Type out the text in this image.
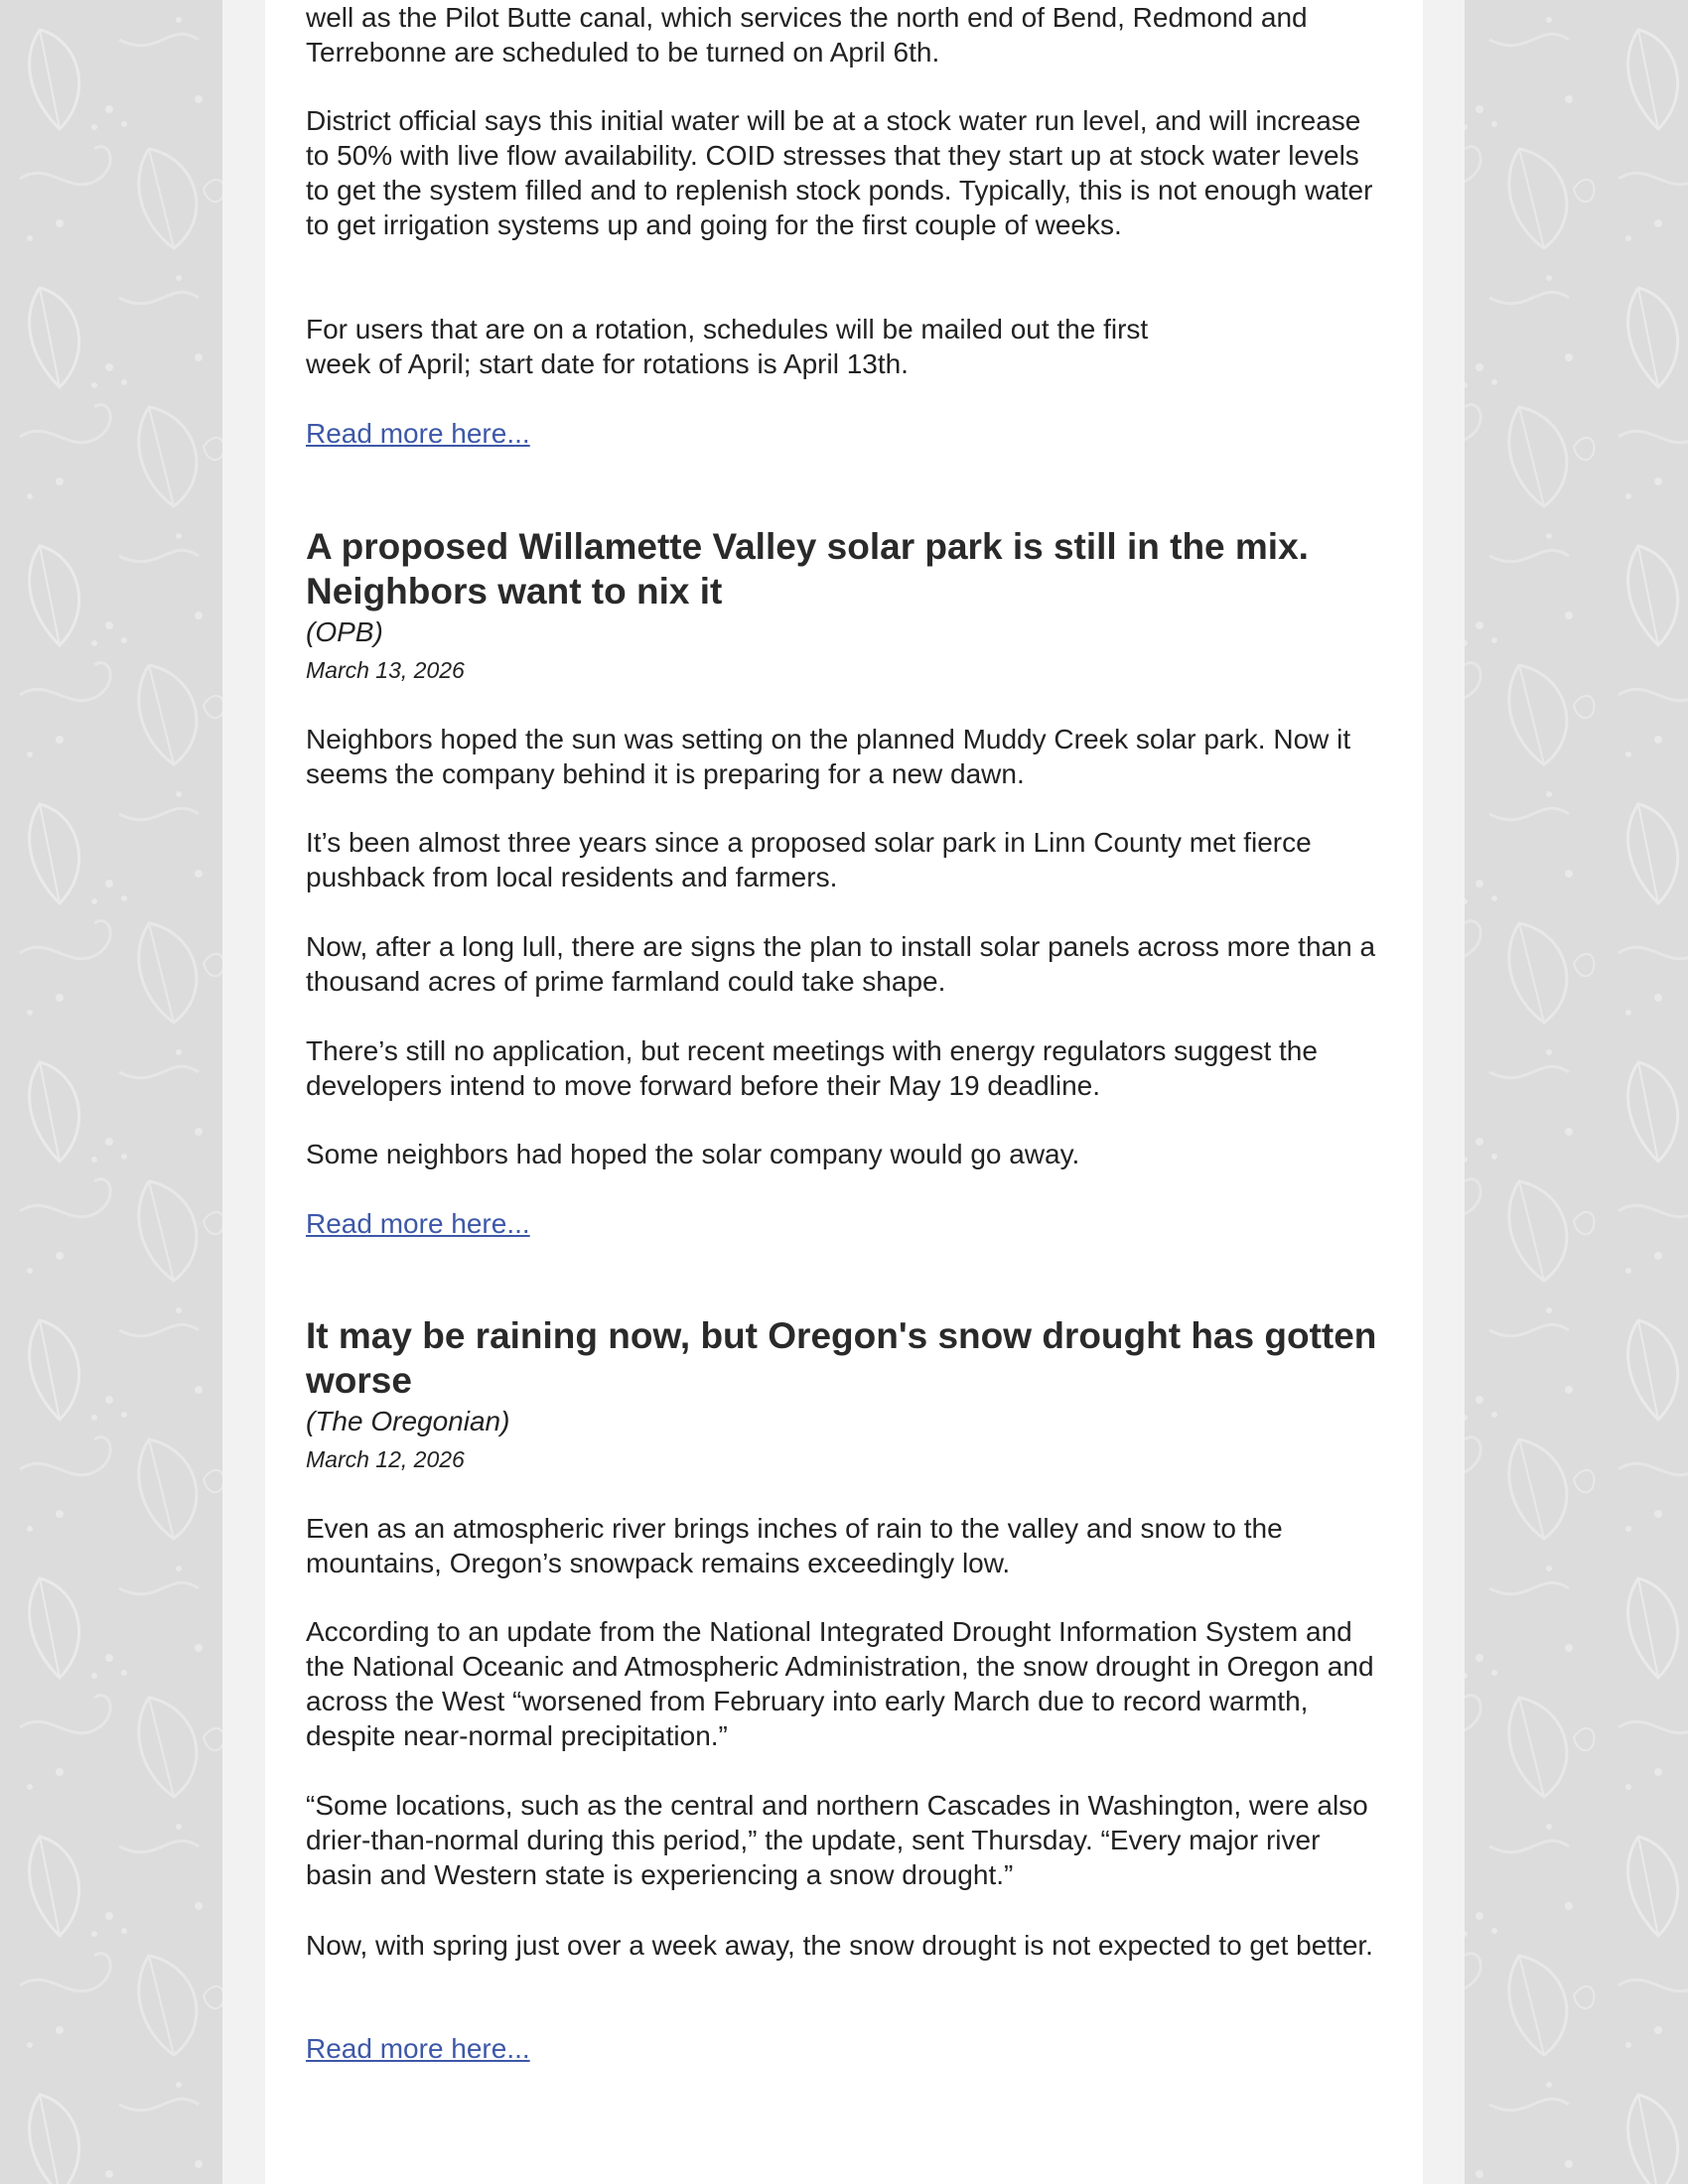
well as the Pilot Butte canal, which services the north end of Bend, Redmond and Terrebonne are scheduled to be turned on April 6th.

District official says this initial water will be at a stock water run level, and will increase to 50% with live flow availability. COID stresses that they start up at stock water levels to get the system filled and to replenish stock ponds. Typically, this is not enough water to get irrigation systems up and going for the first couple of weeks.

For users that are on a rotation, schedules will be mailed out the first week of April; start date for rotations is April 13th.

Read more here...
A proposed Willamette Valley solar park is still in the mix. Neighbors want to nix it

(OPB)

March 13, 2026

Neighbors hoped the sun was setting on the planned Muddy Creek solar park. Now it seems the company behind it is preparing for a new dawn.

It’s been almost three years since a proposed solar park in Linn County met fierce pushback from local residents and farmers.

Now, after a long lull, there are signs the plan to install solar panels across more than a thousand acres of prime farmland could take shape.

There’s still no application, but recent meetings with energy regulators suggest the developers intend to move forward before their May 19 deadline.

Some neighbors had hoped the solar company would go away.

Read more here...
It may be raining now, but Oregon's snow drought has gotten worse

(The Oregonian)

March 12, 2026

Even as an atmospheric river brings inches of rain to the valley and snow to the mountains, Oregon’s snowpack remains exceedingly low.

According to an update from the National Integrated Drought Information System and the National Oceanic and Atmospheric Administration, the snow drought in Oregon and across the West “worsened from February into early March due to record warmth, despite near-normal precipitation.”

“Some locations, such as the central and northern Cascades in Washington, were also drier-than-normal during this period,” the update, sent Thursday. “Every major river basin and Western state is experiencing a snow drought.”

Now, with spring just over a week away, the snow drought is not expected to get better.

Read more here...
